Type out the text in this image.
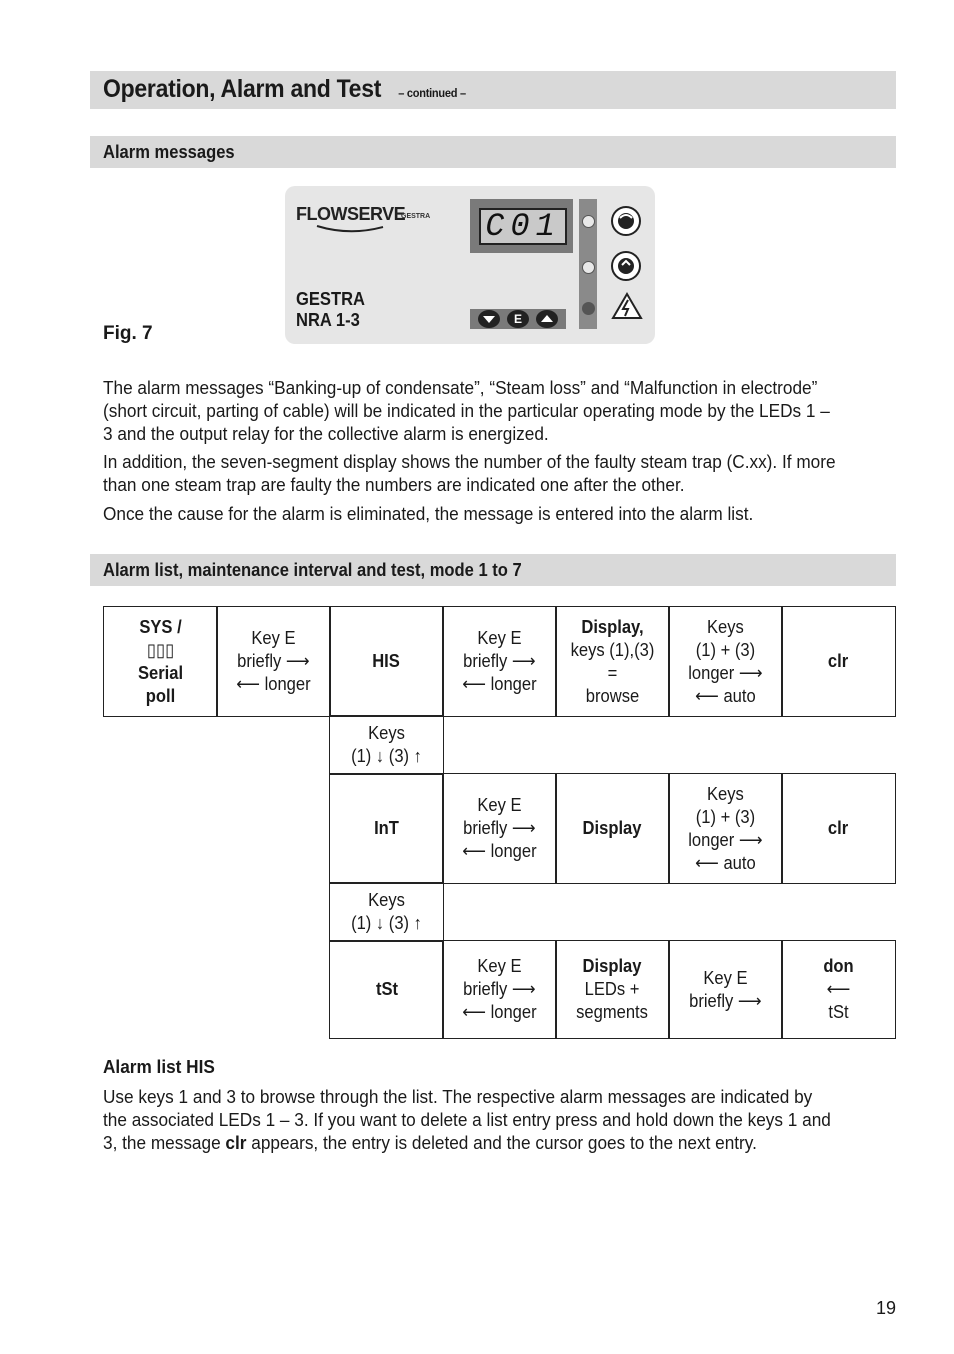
Operation, Alarm and Test – continued –
Alarm messages
Fig. 7
FLOWSERVE
GESTRA
GESTRA
NRA 1-3
C01
E
The alarm messages “Banking-up of condensate”, “Steam loss” and “Malfunction in electrode” (short circuit, parting of cable) will be indicated in the particular operating mode by the LEDs 1 – 3 and the output relay for the collective alarm is energized.
In addition, the seven-segment display shows the number of the faulty steam trap (C.xx). If more than one steam trap are faulty the numbers are indicated one after the other.
Once the cause for the alarm is eliminated, the message is entered into the alarm list.
Alarm list, maintenance interval and test, mode 1 to 7
SYS /
▯▯▯
Serial
poll
Key E
briefly ⟶
⟵ longer
HIS
Key E
briefly ⟶
⟵ longer
Display,
keys (1),(3)
=
browse
Keys
(1) + (3)
longer ⟶
⟵ auto
clr
Keys
(1) ↓ (3) ↑
InT
Key E
briefly ⟶
⟵ longer
Display
Keys
(1) + (3)
longer ⟶
⟵ auto
clr
Keys
(1) ↓ (3) ↑
tSt
Key E
briefly ⟶
⟵ longer
Display
LEDs +
segments
Key E
briefly ⟶
don
⟵
tSt
Alarm list HIS
Use keys 1 and 3 to browse through the list. The respective alarm messages are indicated by the associated LEDs 1 – 3. If you want to delete a list entry press and hold down the keys 1 and 3, the message clr appears, the entry is deleted and the cursor goes to the next entry.
19
